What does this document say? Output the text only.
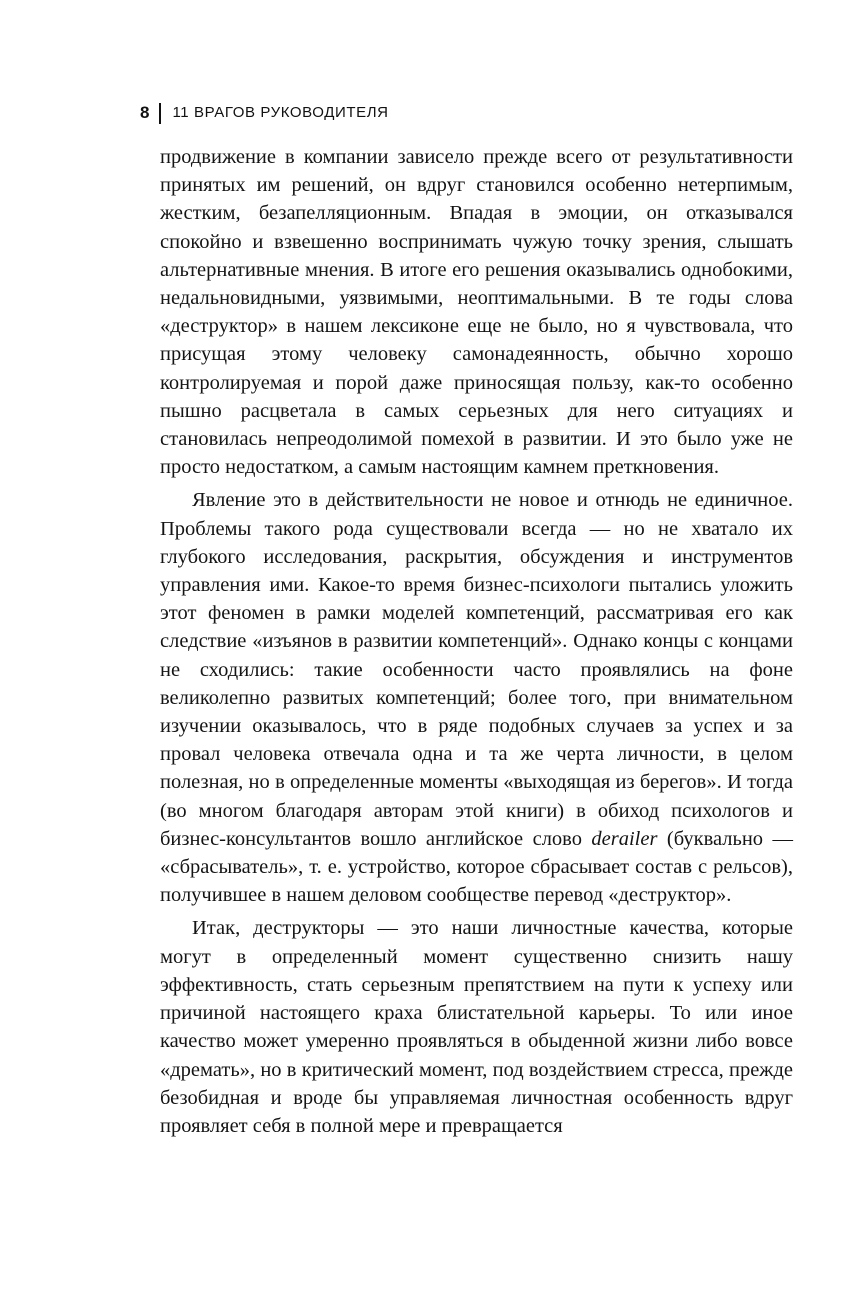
8 11 ВРАГОВ РУКОВОДИТЕЛЯ

продвижение в компании зависело прежде всего от результативности принятых им решений, он вдруг становился особенно нетерпимым, жестким, безапелляционным. Впадая в эмоции, он отказывался спокойно и взвешенно воспринимать чужую точку зрения, слышать альтернативные мнения. В итоге его решения оказывались однобокими, недальновидными, уязвимыми, неоптимальными. В те годы слова «деструктор» в нашем лексиконе еще не было, но я чувствовала, что присущая этому человеку самонадеянность, обычно хорошо контролируемая и порой даже приносящая пользу, как-то особенно пышно расцветала в самых серьезных для него ситуациях и становилась непреодолимой помехой в развитии. И это было уже не просто недостатком, а самым настоящим камнем преткновения.

Явление это в действительности не новое и отнюдь не единичное. Проблемы такого рода существовали всегда — но не хватало их глубокого исследования, раскрытия, обсуждения и инструментов управления ими. Какое-то время бизнес-психологи пытались уложить этот феномен в рамки моделей компетенций, рассматривая его как следствие «изъянов в развитии компетенций». Однако концы с концами не сходились: такие особенности часто проявлялись на фоне великолепно развитых компетенций; более того, при внимательном изучении оказывалось, что в ряде подобных случаев за успех и за провал человека отвечала одна и та же черта личности, в целом полезная, но в определенные моменты «выходящая из берегов». И тогда (во многом благодаря авторам этой книги) в обиход психологов и бизнес-консультантов вошло английское слово derailer (буквально — «сбрасыватель», т. е. устройство, которое сбрасывает состав с рельсов), получившее в нашем деловом сообществе перевод «деструктор».

Итак, деструкторы — это наши личностные качества, которые могут в определенный момент существенно снизить нашу эффективность, стать серьезным препятствием на пути к успеху или причиной настоящего краха блистательной карьеры. То или иное качество может умеренно проявляться в обыденной жизни либо вовсе «дремать», но в критический момент, под воздействием стресса, прежде безобидная и вроде бы управляемая личностная особенность вдруг проявляет себя в полной мере и превращается
